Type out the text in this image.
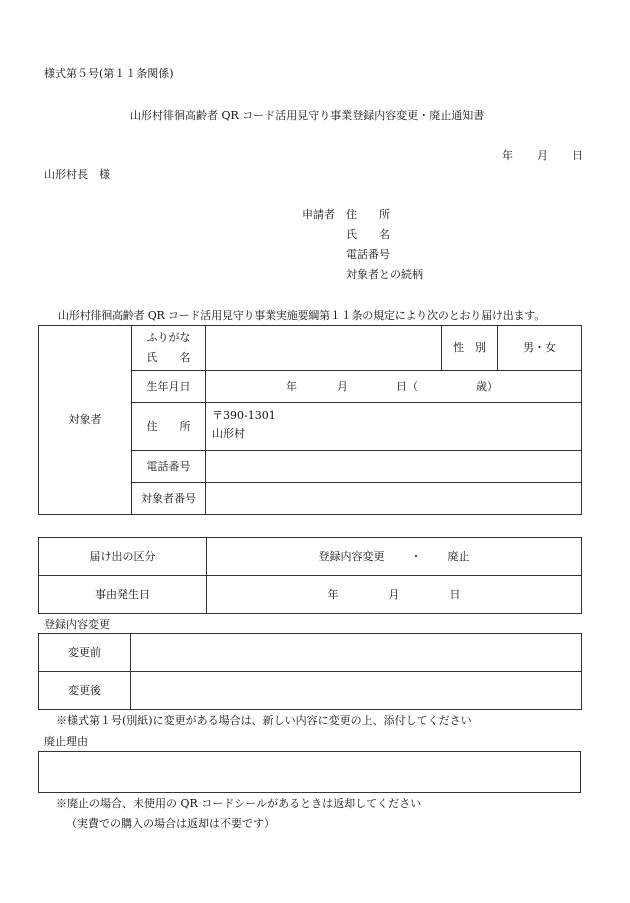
様式第５号(第１１条関係)
山形村徘徊高齢者 QR コード活用見守り事業登録内容変更・廃止通知書
年 月 日
山形村長　様
申請者 住　　所
氏　　名
電話番号
対象者との続柄
山形村徘徊高齢者 QR コード活用見守り事業実施要綱第１１条の規定により次のとおり届け出ます。
対象者	ふりがな
氏　　名		性　別	男・女
	生年月日	年 月 日（ 歳）		
	住　　所	〒390-1301
山形村		

	電話番号			
	対象者番号			
届け出の区分	登録内容変更 ・ 廃止
事由発生日	年 月 日
登録内容変更
変更前	
変更後	
※様式第１号(別紙)に変更がある場合は、新しい内容に変更の上、添付してください
廃止理由
※廃止の場合、未使用の QR コードシールがあるときは返却してください
（実費での購入の場合は返却は不要です）
